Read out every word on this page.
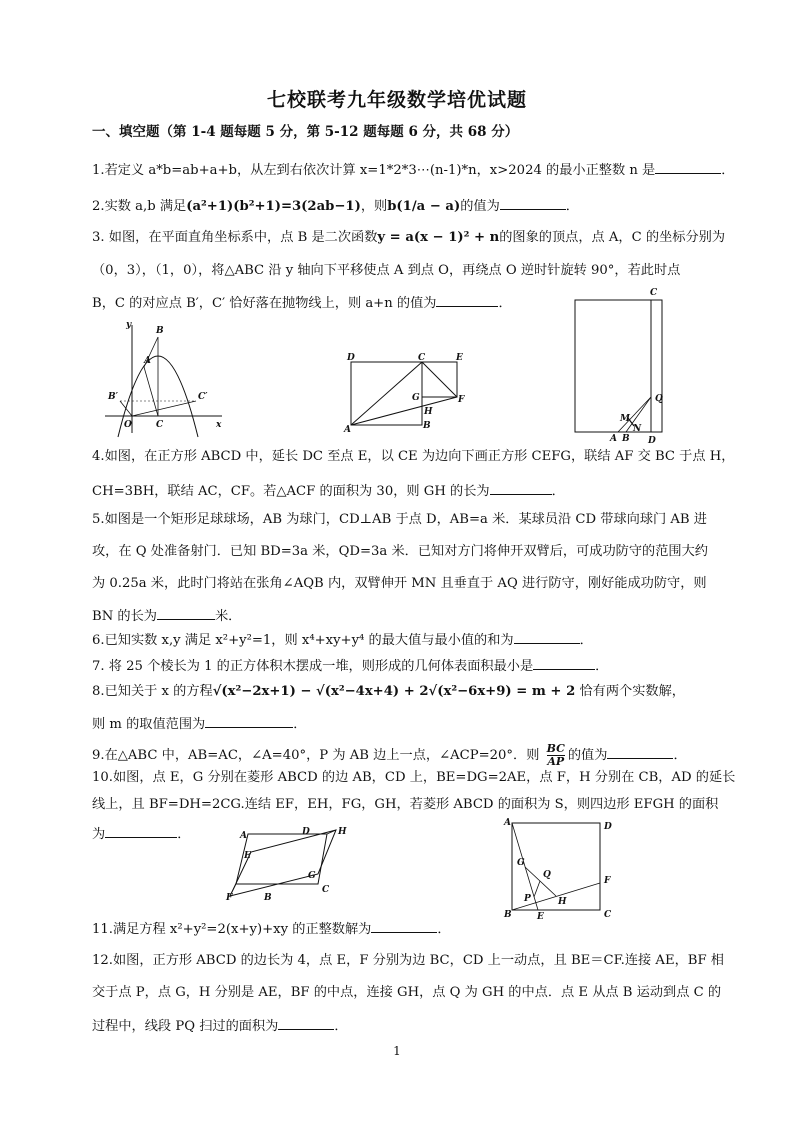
七校联考九年级数学培优试题
一、填空题（第 1-4 题每题 5 分，第 5-12 题每题 6 分，共 68 分）
1.若定义 a*b=ab+a+b，从左到右依次计算 x=1*2*3⋯(n-1)*n，x>2024 的最小正整数 n 是	．
2.实数 a,b 满足(a²+1)(b²+1)=3(2ab−1)，则b(1/a − a)的值为	．
3. 如图，在平面直角坐标系中，点 B 是二次函数y = a(x − 1)² + n的图象的顶点，点 A，C 的坐标分别为
（0，3），（1，0），将△ABC 沿 y 轴向下平移使点 A 到点 O，再绕点 O 逆时针旋转 90°，若此时点
B，C 的对应点 B′，C′ 恰好落在抛物线上，则 a+n 的值为	．
y
x
B
A
B′	C′
O	C
D	C	E
G	F
H
A	B
C
Q
M
N
A B D
4.如图，在正方形 ABCD 中，延长 DC 至点 E，以 CE 为边向下画正方形 CEFG，联结 AF 交 BC 于点 H，
CH=3BH，联结 AC，CF。若△ACF 的面积为 30，则 GH 的长为	．
5.如图是一个矩形足球球场，AB 为球门，CD⊥AB 于点 D，AB=a 米．某球员沿 CD 带球向球门 AB 进
攻，在 Q 处准备射门．已知 BD=3a 米，QD=3a 米．已知对方门将伸开双臂后，可成功防守的范围大约
为 0.25a 米，此时门将站在张角∠AQB 内，双臂伸开 MN 且垂直于 AQ 进行防守，刚好能成功防守，则
BN 的长为	米．
6.已知实数 x,y 满足 x²+y²=1，则 x⁴+xy+y⁴ 的最大值与最小值的和为	．
7. 将 25 个棱长为 1 的正方体积木摆成一堆，则形成的几何体表面积最小是	．
8.已知关于 x 的方程√(x²−2x+1) − √(x²−4x+4) + 2√(x²−6x+9) = m + 2 恰有两个实数解，
则 m 的取值范围为	．
9.在△ABC 中，AB=AC，∠A=40°，P 为 AB 边上一点，∠ACP=20°．则 $\frac{BC}{AP}$ 的值为	．
10.如图，点 E，G 分别在菱形 ABCD 的边 AB，CD 上，BE=DG=2AE，点 F，H 分别在 CB，AD 的延长
线上，且 BF=DH=2CG.连结 EF，EH，FG，GH，若菱形 ABCD 的面积为 S，则四边形 EFGH 的面积
为	．	A	D	H
E
G
F	B
C
A	D
G
Q
F
P	H
B	E	C
11.满足方程 x²+y²=2(x+y)+xy 的正整数解为	．
12.如图，正方形 ABCD 的边长为 4，点 E，F 分别为边 BC，CD 上一动点，且 BE＝CF.连接 AE，BF 相
交于点 P，点 G，H 分别是 AE，BF 的中点，连接 GH，点 Q 为 GH 的中点．点 E 从点 B 运动到点 C 的
过程中，线段 PQ 扫过的面积为	．
1
